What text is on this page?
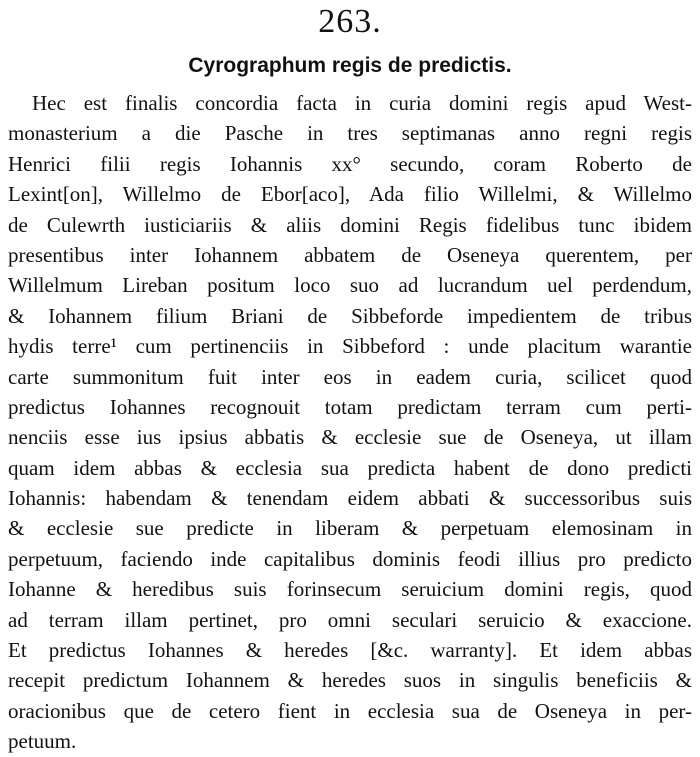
263.
Cyrographum regis de predictis.
Hec est finalis concordia facta in curia domini regis apud West-
monasterium a die Pasche in tres septimanas anno regni regis
Henrici filii regis Iohannis xx° secundo, coram Roberto de
Lexint[on], Willelmo de Ebor[aco], Ada filio Willelmi, & Willelmo
de Culewrth iusticiariis & aliis domini Regis fidelibus tunc ibidem
presentibus inter Iohannem abbatem de Oseneya querentem, per
Willelmum Lireban positum loco suo ad lucrandum uel perdendum,
& Iohannem filium Briani de Sibbeforde impedientem de tribus
hydis terre¹ cum pertinenciis in Sibbeford : unde placitum warantie
carte summonitum fuit inter eos in eadem curia, scilicet quod
predictus Iohannes recognouit totam predictam terram cum perti-
nenciis esse ius ipsius abbatis & ecclesie sue de Oseneya, ut illam
quam idem abbas & ecclesia sua predicta habent de dono predicti
Iohannis: habendam & tenendam eidem abbati & successoribus suis
& ecclesie sue predicte in liberam & perpetuam elemosinam in
perpetuum, faciendo inde capitalibus dominis feodi illius pro predicto
Iohanne & heredibus suis forinsecum seruicium domini regis, quod
ad terram illam pertinet, pro omni seculari seruicio & exaccione.
Et predictus Iohannes & heredes [&c. warranty]. Et idem abbas
recepit predictum Iohannem & heredes suos in singulis beneficiis &
oracionibus que de cetero fient in ecclesia sua de Oseneya in per-
petuum.
